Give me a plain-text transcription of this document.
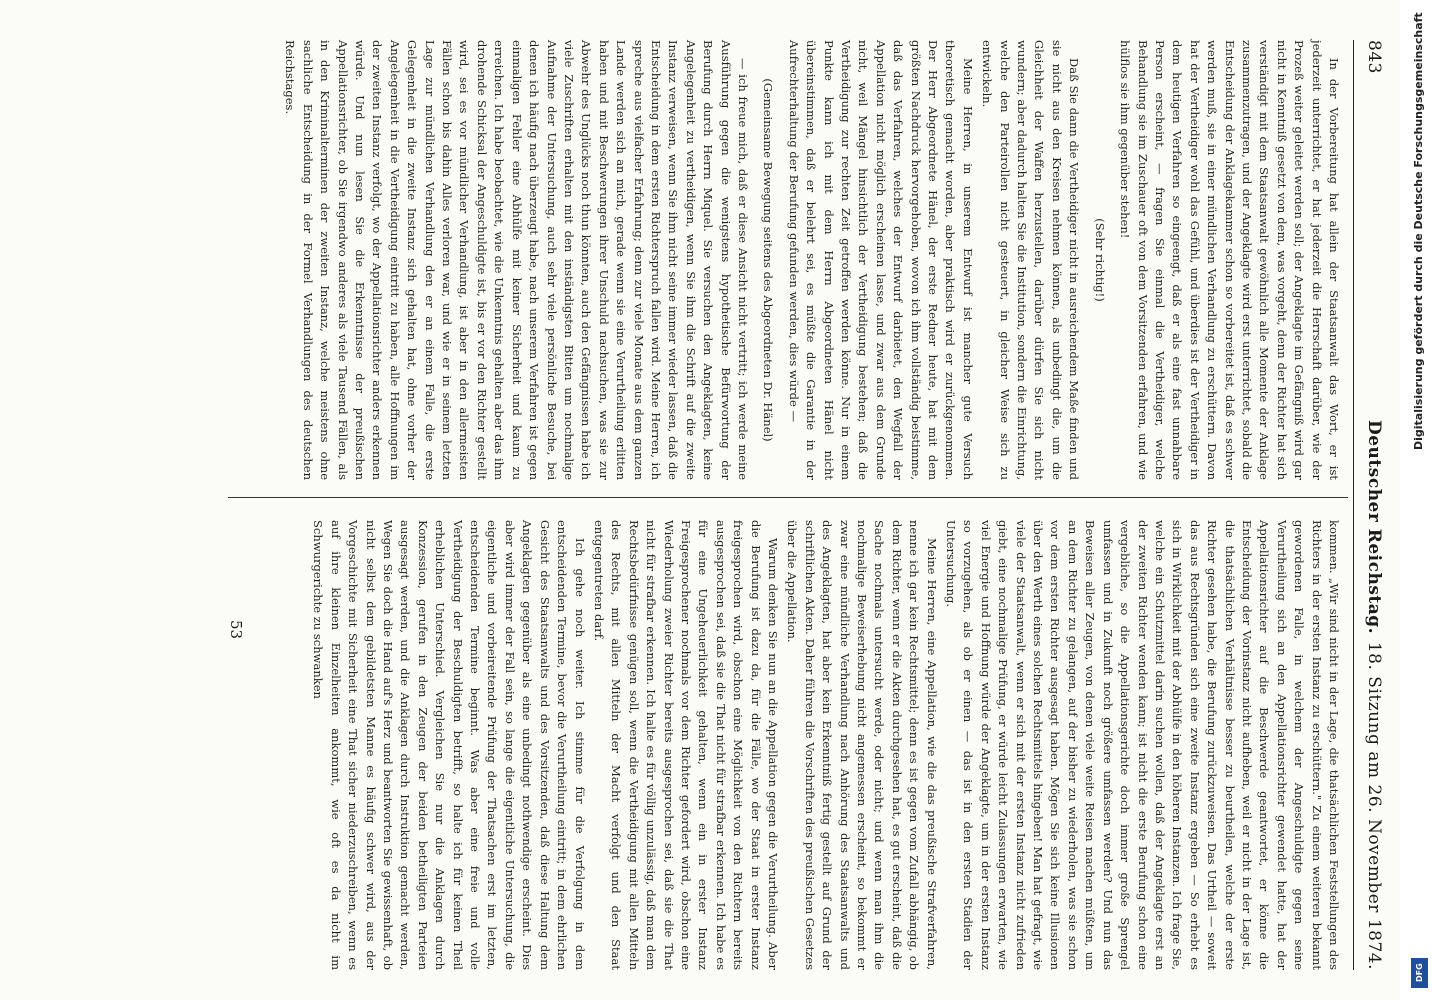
843
Deutscher Reichstag.
18. Sitzung am 26. November 1874.

In der Vorbereitung hat allein der Staatsanwalt das Wort, er ist jederzeit unterrichtet, er hat jederzeit die Herrschaft darüber, wie der Prozeß weiter geleitet werden soll; der Angeklagte im Gefängniß wird gar nicht in Kenntniß gesetzt von dem, was vorgeht, denn der Richter hat sich verständigt mit dem Staatsanwalt gewöhnlich alle Momente der Anklage zusammenzutragen, und der Angeklagte wird erst unterrichtet, sobald die Entscheidung der Anklagekammer schon so vorbereitet ist, daß es schwer werden muß, sie in einer mündlichen Verhandlung zu erschüttern. Davon hat der Vertheidiger wohl das Gefühl, und überdies ist der Vertheidiger in dem heutigen Verfahren so eingeengt, daß er als eine fast unnahbare Person erscheint, — fragen Sie einmal die Vertheidiger, welche Behandlung sie im Zuschauer oft von dem Vorsitzenden erfahren, und wie hülflos sie ihm gegenüber stehen!

(Sehr richtig!)

Daß Sie dann die Vertheidiger nicht in ausreichendem Maße finden und sie nicht aus den Kreisen nehmen können, als unbedingt die, um die Gleichheit der Waffen herzustellen, darüber dürfen Sie sich nicht wundern; aber dadurch halten Sie die Institution, sondern die Einrichtung, welche den Parteirollen nicht gesteuert, in gleicher Weise sich zu entwickeln.

Meine Herren, in unserem Entwurf ist mancher gute Versuch theoretisch gemacht worden, aber praktisch wird er zurückgenommen. Der Herr Abgeordnete Hänel, der erste Redner heute, hat mit dem größten Nachdruck hervorgehoben, wovon ich ihm vollständig beistimme, daß das Verfahren, welches der Entwurf darbietet, den Wegfall der Appellation nicht möglich erscheinen lasse, und zwar aus dem Grunde nicht, weil Mängel hinsichtlich der Vertheidigung bestehen; daß die Vertheidigung zur rechten Zeit getroffen werden könne. Nur in einem Punkte kann ich mit dem Herrn Abgeordneten Hänel nicht übereinstimmen, daß er belehrt sei, es müßte die Garantie in der Aufrechterhaltung der Berufung gefunden werden, dies würde —

(Gemeinsame Bewegung seitens des Abgeordneten Dr. Hänel)

— ich freue mich, daß er diese Ansicht nicht vertritt; ich werde meine Ausführung gegen die wenigstens hypothetische Befürwortung der Berufung durch Herrn Miquel. Sie versuchen den Angeklagten, keine Angelegenheit zu vertheidigen, wenn Sie ihm die Schrift auf die zweite Instanz verweisen, wenn Sie ihm nicht seine immer wieder lassen, daß die Entscheidung in dem ersten Richterspruch fallen wird. Meine Herren, ich spreche aus vielfacher Erfahrung; denn zur viele Monate aus dem ganzen Lande werden sich an mich, gerade wenn sie eine Verurtheilung erlitten haben und mit Beschwerungen ihrer Unschuld nachsuchen, was sie zur Abwehr des Unglücks noch thun könnten, auch den Gefängnissen habe ich viele Zuschriften erhalten mit den inständigsten Bitten um nochmalige Aufnahme der Untersuchung, auch sehr viele persönliche Besuche, bei denen ich häufig nach überzeugt habe, nach unserem Verfahren ist gegen einmaligen Fehler eine Abhülfe mit keiner Sicherheit und kaum zu erreichen. Ich habe beobachtet, wie die Unkenntnis gehalten aber das ihm drohende Schicksal der Angeschuldigte ist, bis er vor den Richter gestellt wird, sei es vor mündlicher Verhandlung, ist aber in den allermeisten Fällen schon bis dahin Alles verloren war, und wie er in seinem letzten Lage zur mündlichen Verhandlung den er an einem Falle, die erste Gelegenheit in die zweite Instanz sich gehalten hat, ohne vorher der Angelegenheit in die Vertheidigung eintritt zu haben, alle Hoffnungen im der zweiten Instanz verfolgt, wo der Appellationsrichter anders erkennen würde. Und nun lesen Sie die Erkenntnisse der preußischen Appellationsrichter, ob Sie irgendwo anderes als viele Tausend Fällen, als in den Kriminalterminen der zweiten Instanz, welche meistens ohne sachliche Entscheidung in der Formel Verhandlungen des deutschen Reichstages.

kommen. „Wir sind nicht in der Lage, die thatsächlichen Feststellungen des Richters in der ersten Instanz zu erschüttern." Zu einem weiteren bekannt gewordenen Falle, in welchem der Angeschuldigte gegen seine Verurtheilung sich an den Appellationsrichter gewendet hatte, hat der Appellationsrichter auf die Beschwerde geantwortet, er könne die Entscheidung der Vorinstanz nicht aufheben, weil er nicht in der Lage ist, die thatsächlichen Verhältnisse besser zu beurtheilen, welche der erste Richter gesehen habe, die Berufung zurückzuweisen. Das Urtheil — soweit das aus Rechtsgründen sich eine zweite Instanz ergeben — So erhebt es sich in Wirklichkeit mit der Abhülfe in den höheren Instanzen. Ich frage Sie, welche ein Schutzmittel darin suchen wollen, daß der Angeklagte erst an der zweiten Richter wenden kann; ist nicht die erste Berufung schon eine vergebliche, so die Appellationsgerichte doch immer große Sprengel umfassen und in Zukunft noch größere umfassen werden? Und nun das Beweisen aller Zeugen, von denen viele weite Reisen machen müßten, um an dem Richter zu gelangen, auf der bisher zu wiederholen, was sie schon vor dem ersten Richter ausgesagt haben. Mögen Sie sich keine Illusionen über den Werth eines solchen Rechtsmittels hingeben! Man hat gefragt, wie viele der Staatsanwalt, wenn er sich mit der ersten Instanz nicht zufrieden giebt, eine nochmalige Prüfung, er würde leicht Zulassungen erwarten, wie viel Energie und Hoffnung würde der Angeklagte, um in der ersten Instanz so vorzugehen, als ob er einen — das ist in den ersten Stadien der Untersuchung.

Meine Herren, eine Appellation, wie die das preußische Strafverfahren, nenne ich gar kein Rechtsmittel; denn es ist gegen vom Zufall abhängig, ob dem Richter, wenn er die Akten durchgesehen hat, es gut erscheint, daß die Sache nochmals untersucht werde, oder nicht; und wenn man ihm die nochmalige Beweiserhebung nicht angemessen erscheint, so bekommt er zwar eine mündliche Verhandlung nach Anhörung des Staatsanwalts und des Angeklagten, hat aber kein Erkenntniß fertig gestellt auf Grund der schriftlichen Akten. Daher führen die Vorschriften des preußischen Gesetzes über die Appellation.

Warum denken Sie nun an die Appellation gegen die Verurtheilung. Aber die Berufung ist dazu da, für die Fälle, wo der Staat in erster Instanz freigesprochen wird, obschon eine Möglichkeit von den Richtern bereits ausgesprochen sei, daß sie die That nicht für strafbar erkennen. Ich habe es für eine Ungeheuerlichkeit gehalten, wenn ein in erster Instanz Freigesprochener nochmals vor dem Richter gefordert wird, obschon eine Wiederholung zweier Richter bereits ausgesprochen sei, daß sie die That nicht für strafbar erkennen. Ich halte es für völlig unzulässig, daß man dem Rechtsbedürfnisse genügen soll, wenn die Vertheidigung mit allen Mitteln des Rechts, mit allen Mitteln der Macht verfolgt und den Staat entgegentreten darf.

Ich gehe noch weiter. Ich stimme für die Verfolgung in dem entscheidenden Termine, bevor die Verurtheilung eintritt; in dem ehrlichen Gesicht des Staatsanwalts und des Vorsitzenden, daß diese Haltung dem Angeklagten gegenüber als eine unbedingt nothwendige erscheint. Dies aber wird immer der Fall sein, so lange die eigentliche Untersuchung, die eigentliche und vorbeireitende Prüfung der Thatsachen erst im letzten, entscheidenden Termine beginnt. Was aber eine freie und volle Vertheidigung der Beschuldigten betrifft, so halte ich für keinen Theil erheblichen Unterschied. Vergleichen Sie nur die Anklagen durch Konzession, gerufen in den Zeugen der beiden betheiligten Parteien ausgesagt werden, und die Anklagen durch Instruktion gemacht werden, Wegen Sie doch die Hand auf's Herz und beantworten Sie gewissenhaft, ob nicht selbst dem gebildetsten Manne es häufig schwer wird, aus der Vorgeschichte mit Sicherheit eine That sicher niederzuschreiben, wenn es auf ihre kleinen Einzelheiten ankommt, wie oft es da nicht im Schwurgerichte zu schwanken

53
Digitalisierung gefördert durch die Deutsche Forschungsgemeinschaft
DFG
